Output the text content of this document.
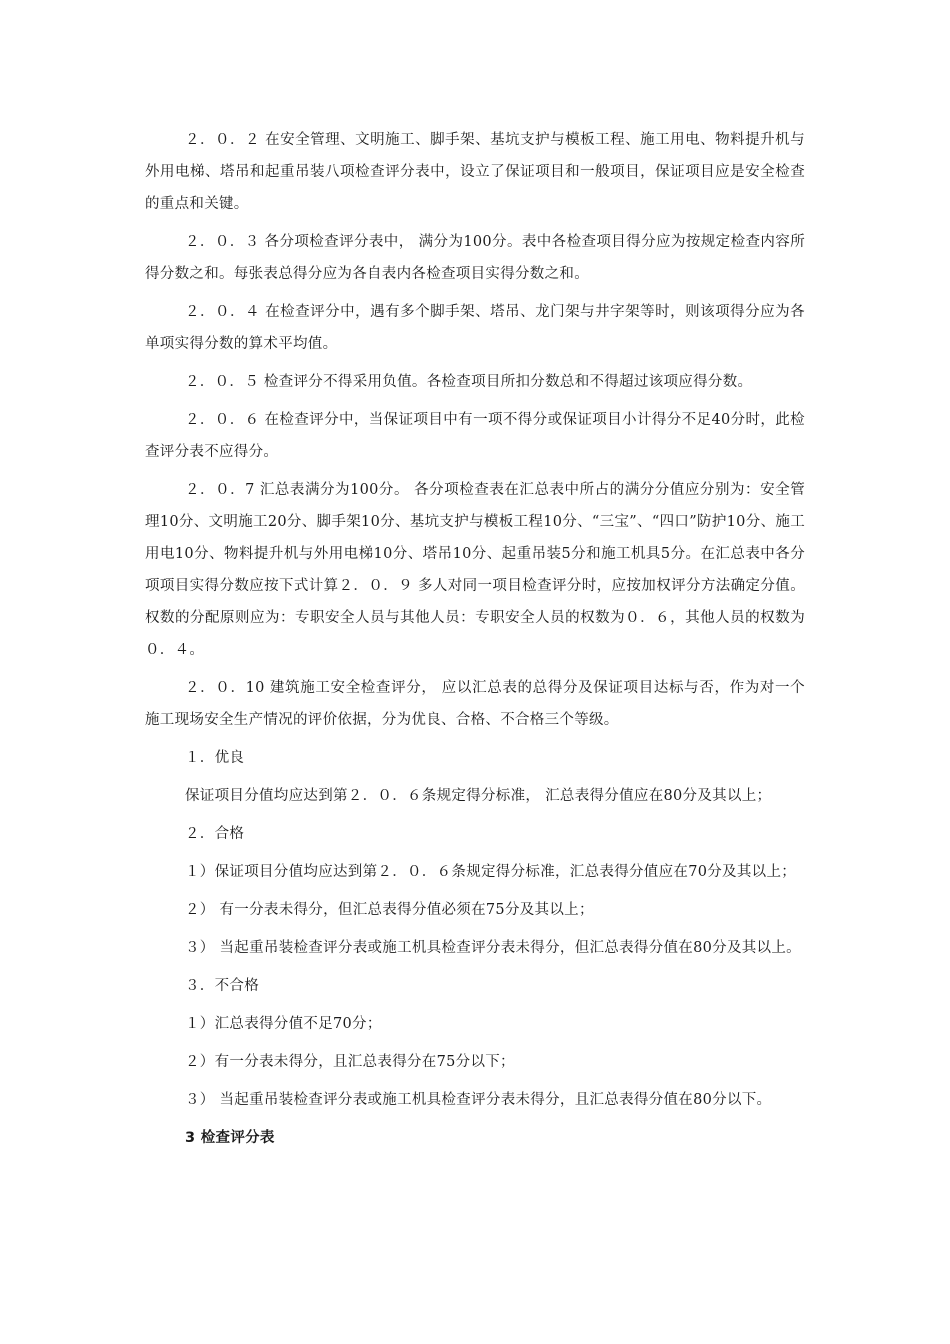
２．０．２ 在安全管理、文明施工、脚手架、基坑支护与模板工程、施工用电、物料提升机与外用电梯、塔吊和起重吊装八项检查评分表中，设立了保证项目和一般项目，保证项目应是安全检查的重点和关键。

２．０．３ 各分项检查评分表中， 满分为100分。表中各检查项目得分应为按规定检查内容所得分数之和。每张表总得分应为各自表内各检查项目实得分数之和。

２．０．４ 在检查评分中，遇有多个脚手架、塔吊、龙门架与井字架等时，则该项得分应为各单项实得分数的算术平均值。

２．０．５ 检查评分不得采用负值。各检查项目所扣分数总和不得超过该项应得分数。

２．０．６ 在检查评分中，当保证项目中有一项不得分或保证项目小计得分不足40分时，此检查评分表不应得分。

２．０．7 汇总表满分为100分。 各分项检查表在汇总表中所占的满分分值应分别为：安全管理10分、文明施工20分、脚手架10分、基坑支护与模板工程10分、“三宝”、“四口”防护10分、施工用电10分、物料提升机与外用电梯10分、塔吊10分、起重吊装5分和施工机具5分。在汇总表中各分项项目实得分数应按下式计算２．０．９ 多人对同一项目检查评分时，应按加权评分方法确定分值。权数的分配原则应为：专职安全人员与其他人员：专职安全人员的权数为０．６，其他人员的权数为０．４。

２．０．10 建筑施工安全检查评分， 应以汇总表的总得分及保证项目达标与否，作为对一个施工现场安全生产情况的评价依据，分为优良、合格、不合格三个等级。

１．优良

保证项目分值均应达到第２．０．６条规定得分标准， 汇总表得分值应在80分及其以上；

２．合格

１）保证项目分值均应达到第２．０．６条规定得分标准，汇总表得分值应在70分及其以上；

２） 有一分表未得分，但汇总表得分值必须在75分及其以上；

３） 当起重吊装检查评分表或施工机具检查评分表未得分，但汇总表得分值在80分及其以上。

３．不合格

１）汇总表得分值不足70分；

２）有一分表未得分，且汇总表得分在75分以下；

３） 当起重吊装检查评分表或施工机具检查评分表未得分，且汇总表得分值在80分以下。

3 检查评分表
